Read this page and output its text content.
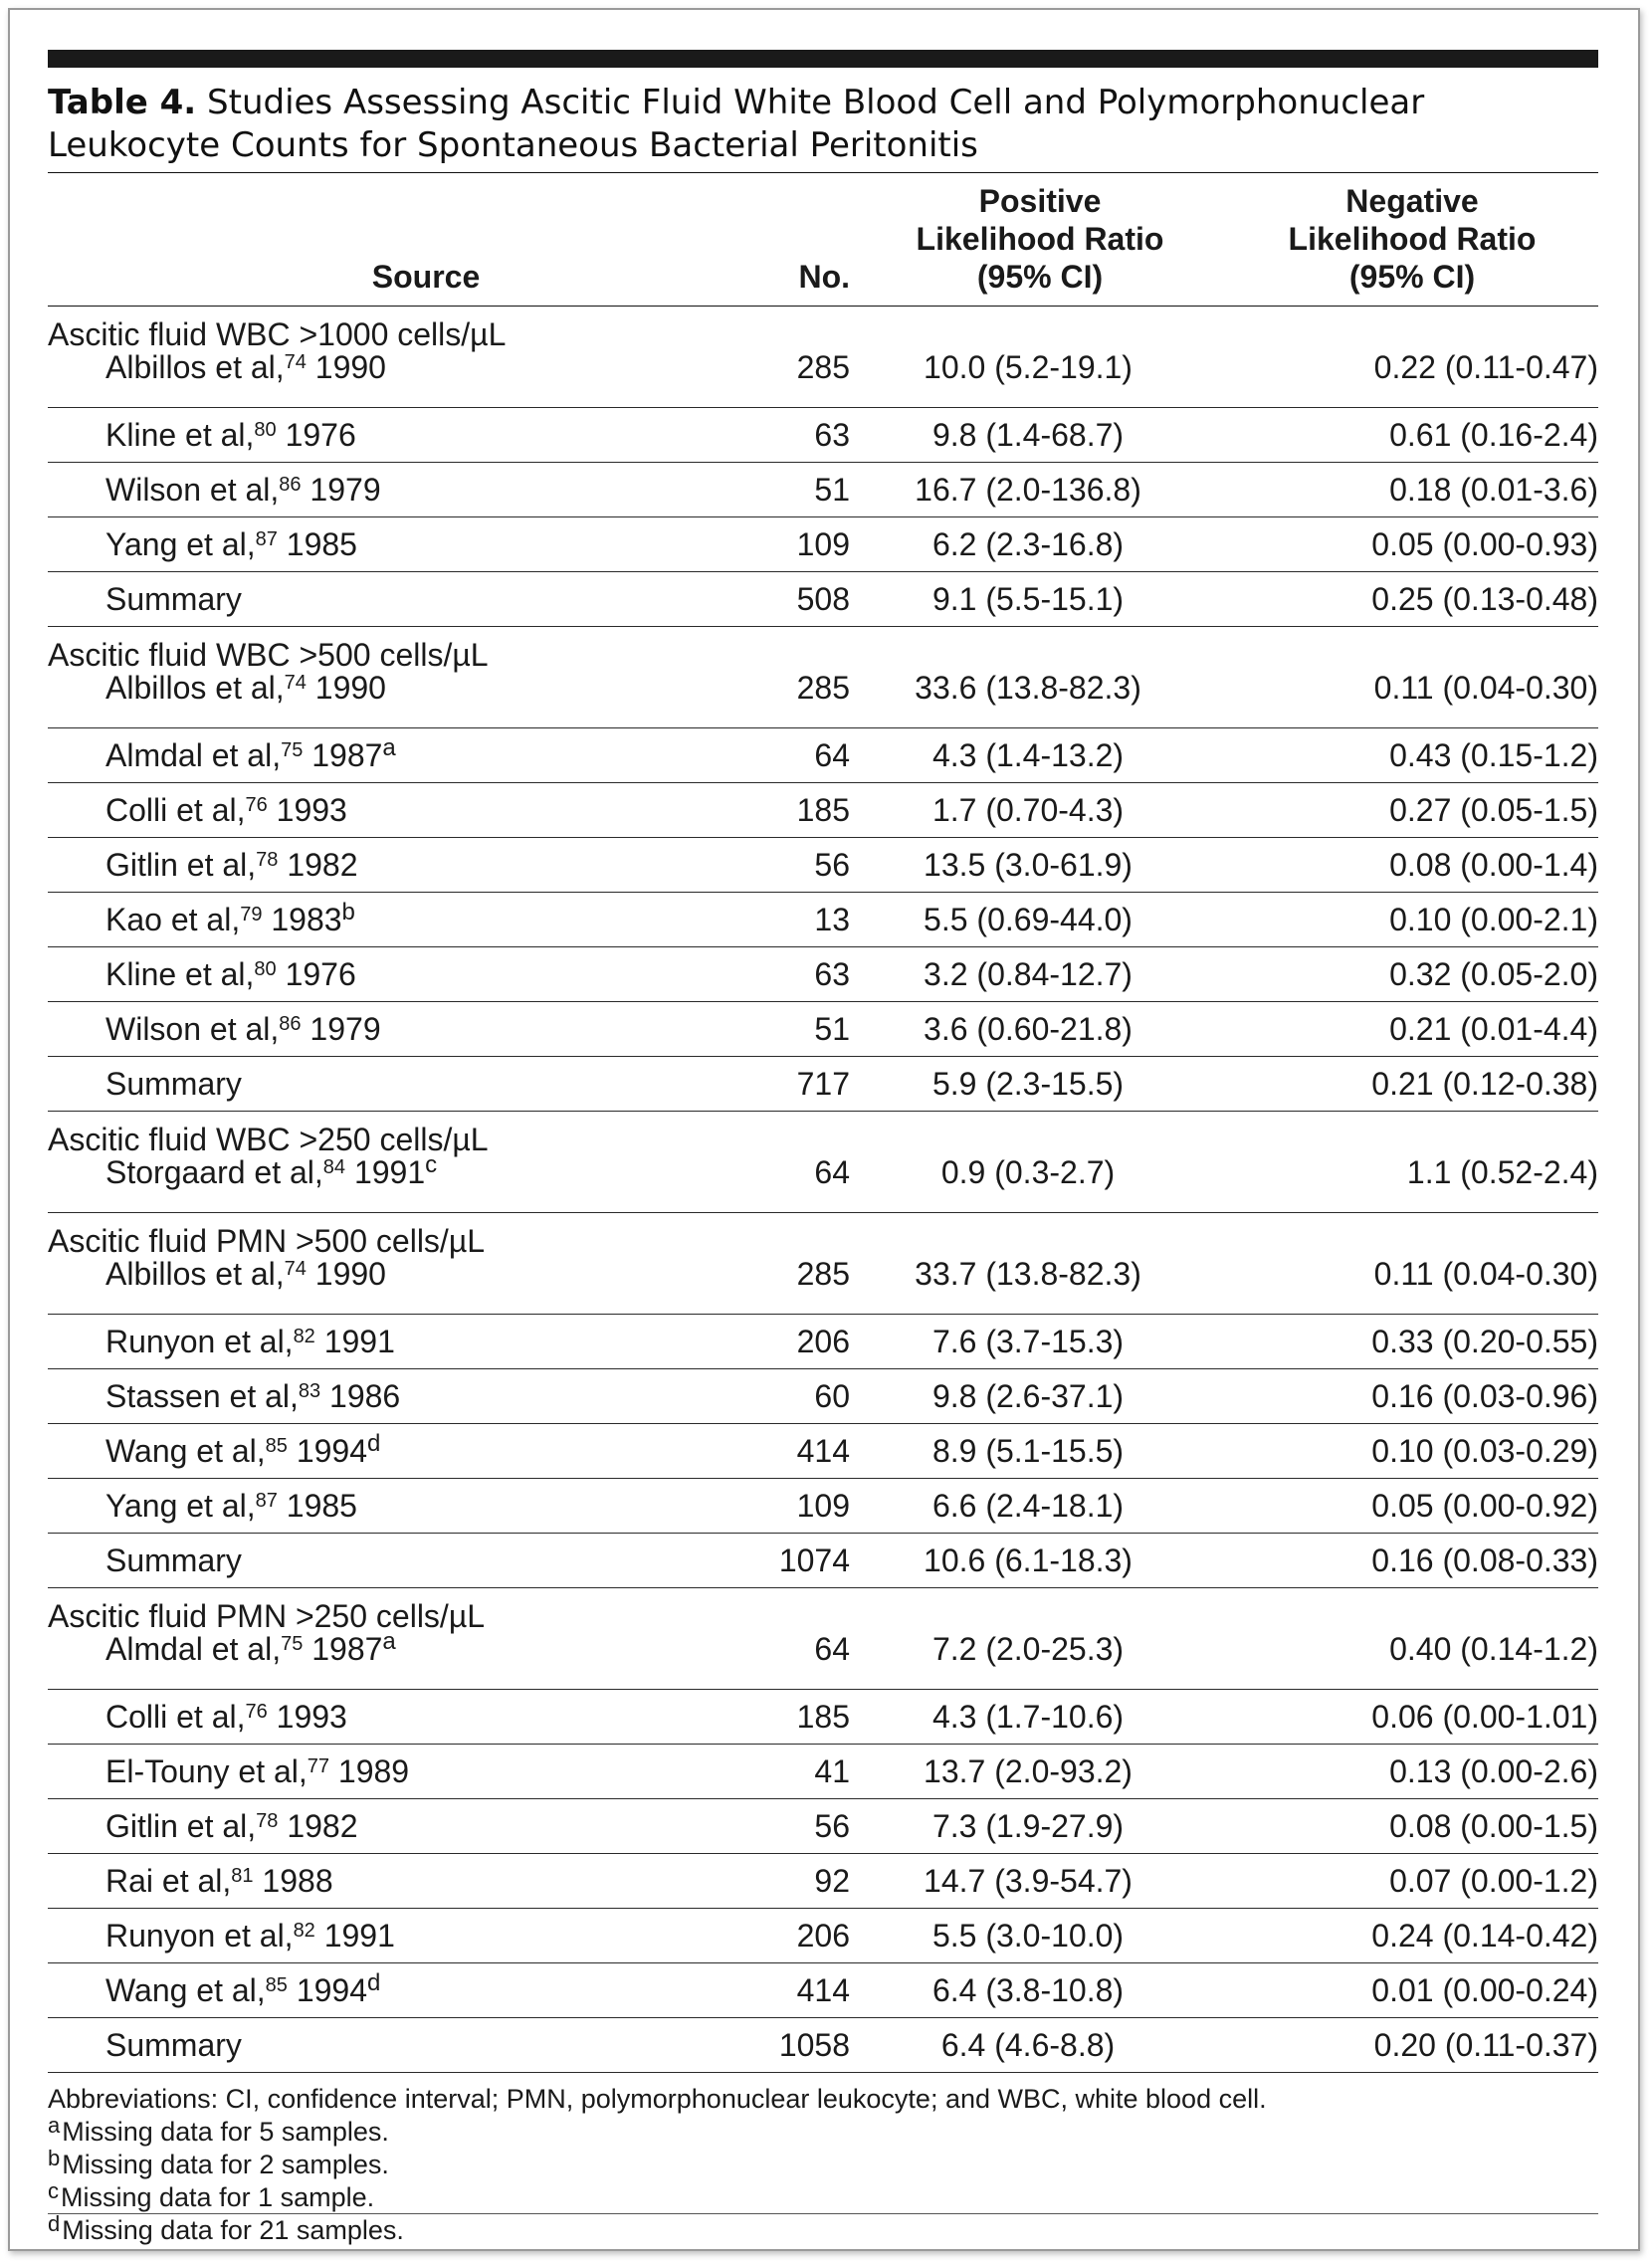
Table 4. Studies Assessing Ascitic Fluid White Blood Cell and Polymorphonuclear Leukocyte Counts for Spontaneous Bacterial Peritonitis
Source	No.	Positive
Likelihood Ratio
(95% CI)	Negative
Likelihood Ratio
(95% CI)
Ascitic fluid WBC >1000 cells/µL			
Albillos et al,$^{74}$ 1990	285	10.0 (5.2-19.1)	0.22 (0.11-0.47)
Kline et al,$^{80}$ 1976	63	9.8 (1.4-68.7)	0.61 (0.16-2.4)
Wilson et al,$^{86}$ 1979	51	16.7 (2.0-136.8)	0.18 (0.01-3.6)
Yang et al,$^{87}$ 1985	109	6.2 (2.3-16.8)	0.05 (0.00-0.93)
Summary	508	9.1 (5.5-15.1)	0.25 (0.13-0.48)
Ascitic fluid WBC >500 cells/µL			
Albillos et al,$^{74}$ 1990	285	33.6 (13.8-82.3)	0.11 (0.04-0.30)
Almdal et al,$^{75}$ 1987$^a$	64	4.3 (1.4-13.2)	0.43 (0.15-1.2)
Colli et al,$^{76}$ 1993	185	1.7 (0.70-4.3)	0.27 (0.05-1.5)
Gitlin et al,$^{78}$ 1982	56	13.5 (3.0-61.9)	0.08 (0.00-1.4)
Kao et al,$^{79}$ 1983$^b$	13	5.5 (0.69-44.0)	0.10 (0.00-2.1)
Kline et al,$^{80}$ 1976	63	3.2 (0.84-12.7)	0.32 (0.05-2.0)
Wilson et al,$^{86}$ 1979	51	3.6 (0.60-21.8)	0.21 (0.01-4.4)
Summary	717	5.9 (2.3-15.5)	0.21 (0.12-0.38)
Ascitic fluid WBC >250 cells/µL			
Storgaard et al,$^{84}$ 1991$^c$	64	0.9 (0.3-2.7)	1.1 (0.52-2.4)
Ascitic fluid PMN >500 cells/µL			
Albillos et al,$^{74}$ 1990	285	33.7 (13.8-82.3)	0.11 (0.04-0.30)
Runyon et al,$^{82}$ 1991	206	7.6 (3.7-15.3)	0.33 (0.20-0.55)
Stassen et al,$^{83}$ 1986	60	9.8 (2.6-37.1)	0.16 (0.03-0.96)
Wang et al,$^{85}$ 1994$^d$	414	8.9 (5.1-15.5)	0.10 (0.03-0.29)
Yang et al,$^{87}$ 1985	109	6.6 (2.4-18.1)	0.05 (0.00-0.92)
Summary	1074	10.6 (6.1-18.3)	0.16 (0.08-0.33)
Ascitic fluid PMN >250 cells/µL			
Almdal et al,$^{75}$ 1987$^a$	64	7.2 (2.0-25.3)	0.40 (0.14-1.2)
Colli et al,$^{76}$ 1993	185	4.3 (1.7-10.6)	0.06 (0.00-1.01)
El-Touny et al,$^{77}$ 1989	41	13.7 (2.0-93.2)	0.13 (0.00-2.6)
Gitlin et al,$^{78}$ 1982	56	7.3 (1.9-27.9)	0.08 (0.00-1.5)
Rai et al,$^{81}$ 1988	92	14.7 (3.9-54.7)	0.07 (0.00-1.2)
Runyon et al,$^{82}$ 1991	206	5.5 (3.0-10.0)	0.24 (0.14-0.42)
Wang et al,$^{85}$ 1994$^d$	414	6.4 (3.8-10.8)	0.01 (0.00-0.24)
Summary	1058	6.4 (4.6-8.8)	0.20 (0.11-0.37)
Abbreviations: CI, confidence interval; PMN, polymorphonuclear leukocyte; and WBC, white blood cell.
$^a$Missing data for 5 samples.
$^b$Missing data for 2 samples.
$^c$Missing data for 1 sample.
$^d$Missing data for 21 samples.
